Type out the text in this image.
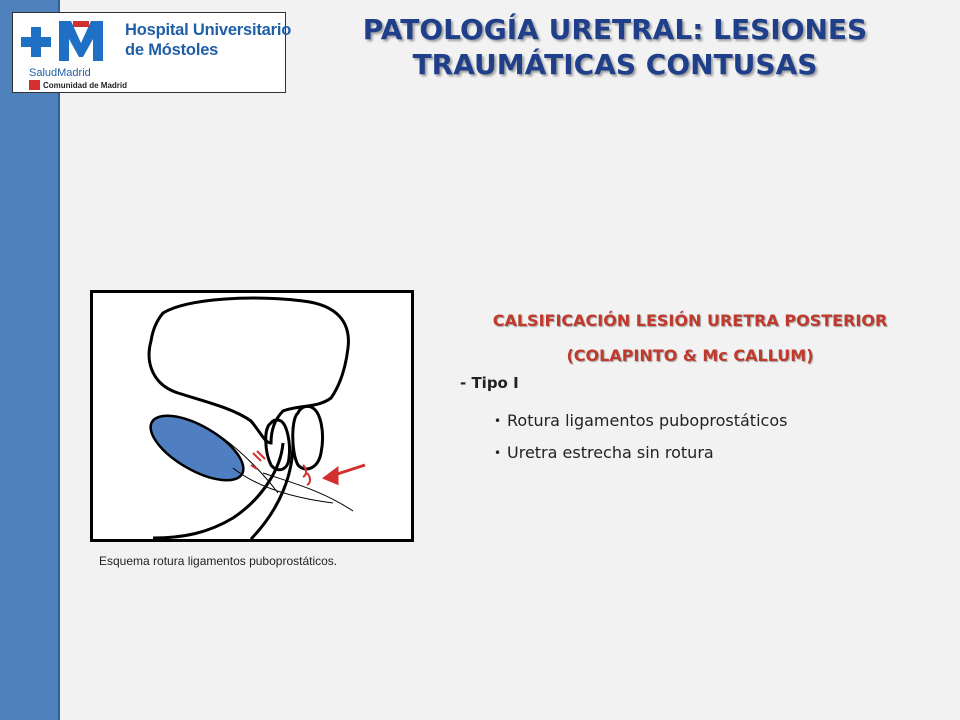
Hospital Universitario
de Móstoles
SaludMadrid
Comunidad de Madrid
PATOLOGÍA URETRAL: LESIONES
TRAUMÁTICAS CONTUSAS
Esquema rotura ligamentos puboprostáticos.
CALSIFICACIÓN LESIÓN URETRA POSTERIOR
(COLAPINTO & Mc CALLUM)
- Tipo I
• Rotura ligamentos puboprostáticos
• Uretra estrecha sin rotura
